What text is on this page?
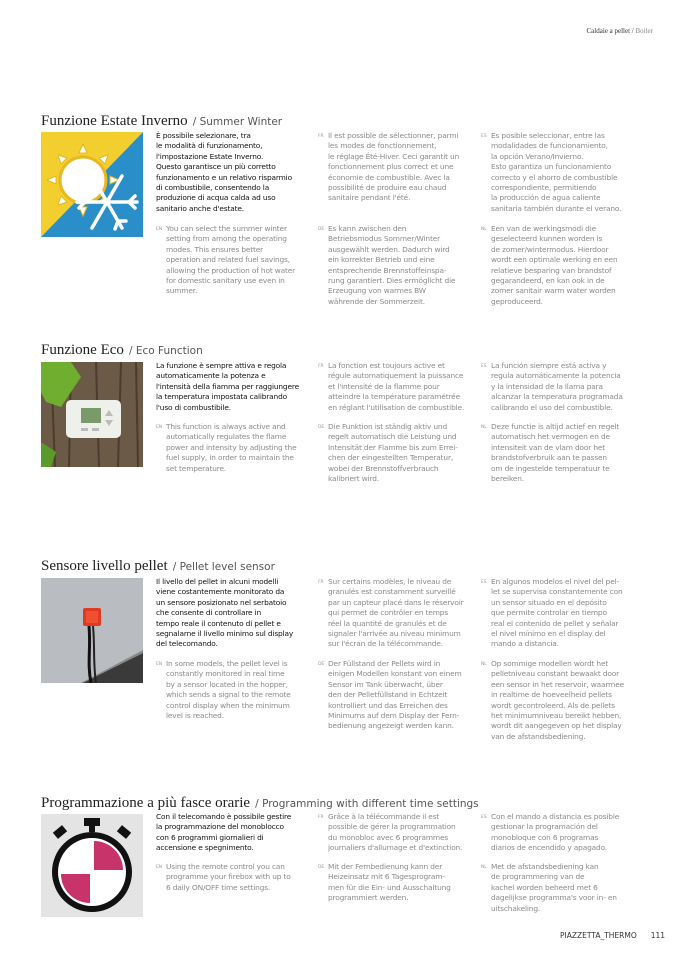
Caldaie a pellet / Boiler
Funzione Estate Inverno / Summer Winter
È possibile selezionare, tra
le modalità di funzionamento,
l'impostazione Estate Inverno.
Questo garantisce un più corretto
funzionamento e un relativo risparmio
di combustibile, consentendo la
produzione di acqua calda ad uso
sanitario anche d'estate.
EN You can select the summer winter
setting from among the operating
modes. This ensures better
operation and related fuel savings,
allowing the production of hot water
for domestic sanitary use even in
summer.
FR Il est possible de sélectionner, parmi
les modes de fonctionnement,
le réglage Été-Hiver. Ceci garantit un
fonctionnement plus correct et une
économie de combustible. Avec la
possibilité de produire eau chaud
sanitaire pendant l'été.
ES Es posible seleccionar, entre las
modalidades de funcionamiento,
la opción Verano/Invierno.
Esto garantiza un funcionamiento
correcto y el ahorro de combustible
correspondiente, permitiendo
la producción de agua caliente
sanitaria también durante el verano.
DE Es kann zwischen den
Betriebsmodus Sommer/Winter
ausgewählt werden. Dadurch wird
ein korrekter Betrieb und eine
entsprechende Brennstoffeinspa-
rung garantiert. Dies ermöglicht die
Erzeugung von warmes BW
währende der Sommerzeit.
NL Een van de werkingsmodi die
geselecteerd kunnen worden is
de zomer/wintermodus. Hierdoor
wordt een optimale werking en een
relatieve besparing van brandstof
gegarandeerd, en kan ook in de
zomer sanitair warm water worden
geproduceerd.
Funzione Eco / Eco Function
La funzione è sempre attiva e regola
automaticamente la potenza e
l'intensità della fiamma per raggiungere
la temperatura impostata calibrando
l'uso di combustibile.
EN This function is always active and
automatically regulates the flame
power and intensity by adjusting the
fuel supply, in order to maintain the
set temperature.
FR La fonction est toujours active et
régule automatiquement la puissance
et l'intensité de la flamme pour
atteindre la température paramétrée
en réglant l'utilisation de combustible.
ES La función siempre está activa y
regula automáticamente la potencia
y la intensidad de la llama para
alcanzar la temperatura programada
calibrando el uso del combustible.
DE Die Funktion ist ständig aktiv und
regelt automatisch die Leistung und
Intensität der Flamme bis zum Errei-
chen der eingestellten Temperatur,
wobei der Brennstoffverbrauch
kalibriert wird.
NL Deze functie is altijd actief en regelt
automatisch het vermogen en de
intensiteit van de vlam door het
brandstofverbruik aan te passen
om de ingestelde temperatuur te
bereiken.
Sensore livello pellet / Pellet level sensor
Il livello del pellet in alcuni modelli
viene costantemente monitorato da
un sensore posizionato nel serbatoio
che consente di controllare in
tempo reale il contenuto di pellet e
segnalarne il livello minimo sul display
del telecomando.
EN In some models, the pellet level is
constantly monitored in real time
by a sensor located in the hopper,
which sends a signal to the remote
control display when the minimum
level is reached.
FR Sur certains modèles, le niveau de
granulés est constamment surveillé
par un capteur placé dans le réservoir
qui permet de contrôler en temps
réel la quantité de granulés et de
signaler l'arrivée au niveau minimum
sur l'écran de la télécommande.
ES En algunos modelos el nivel del pel-
let se supervisa constantemente con
un sensor situado en el depósito
que permite controlar en tiempo
real el contenido de pellet y señalar
el nivel mínimo en el display del
mando a distancia.
DE Der Füllstand der Pellets wird in
einigen Modellen konstant von einem
Sensor im Tank überwacht, über
den der Pelletfüllstand in Echtzeit
kontrolliert und das Erreichen des
Minimums auf dem Display der Fern-
bedienung angezeigt werden kann.
NL Op sommige modellen wordt het
pelletniveau constant bewaakt door
een sensor in het reservoir, waarmee
in realtime de hoeveelheid pellets
wordt gecontroleerd. Als de pellets
het minimumniveau bereikt hebben,
wordt dit aangegeven op het display
van de afstandsbediening.
Programmazione a più fasce orarie / Programming with different time settings
Con il telecomando è possibile gestire
la programmazione del monoblocco
con 6 programmi giornalieri di
accensione e spegnimento.
EN Using the remote control you can
programme your firebox with up to
6 daily ON/OFF time settings.
FR Grâce à la télécommande il est
possible de gérer la programmation
du monobloc avec 6 programmes
journaliers d'allumage et d'extinction.
ES Con el mando a distancia es posible
gestionar la programación del
monobloque con 6 programas
diarios de encendido y apagado.
DE Mit der Fernbedienung kann der
Heizeinsatz mit 6 Tagesprogram-
men für die Ein- und Ausschaltung
programmiert werden.
NL Met de afstandsbediening kan
de programmering van de
kachel worden beheerd met 6
dagelijkse programma's voor in- en
uitschakeling.
PIAZZETTA_THERMO 111
